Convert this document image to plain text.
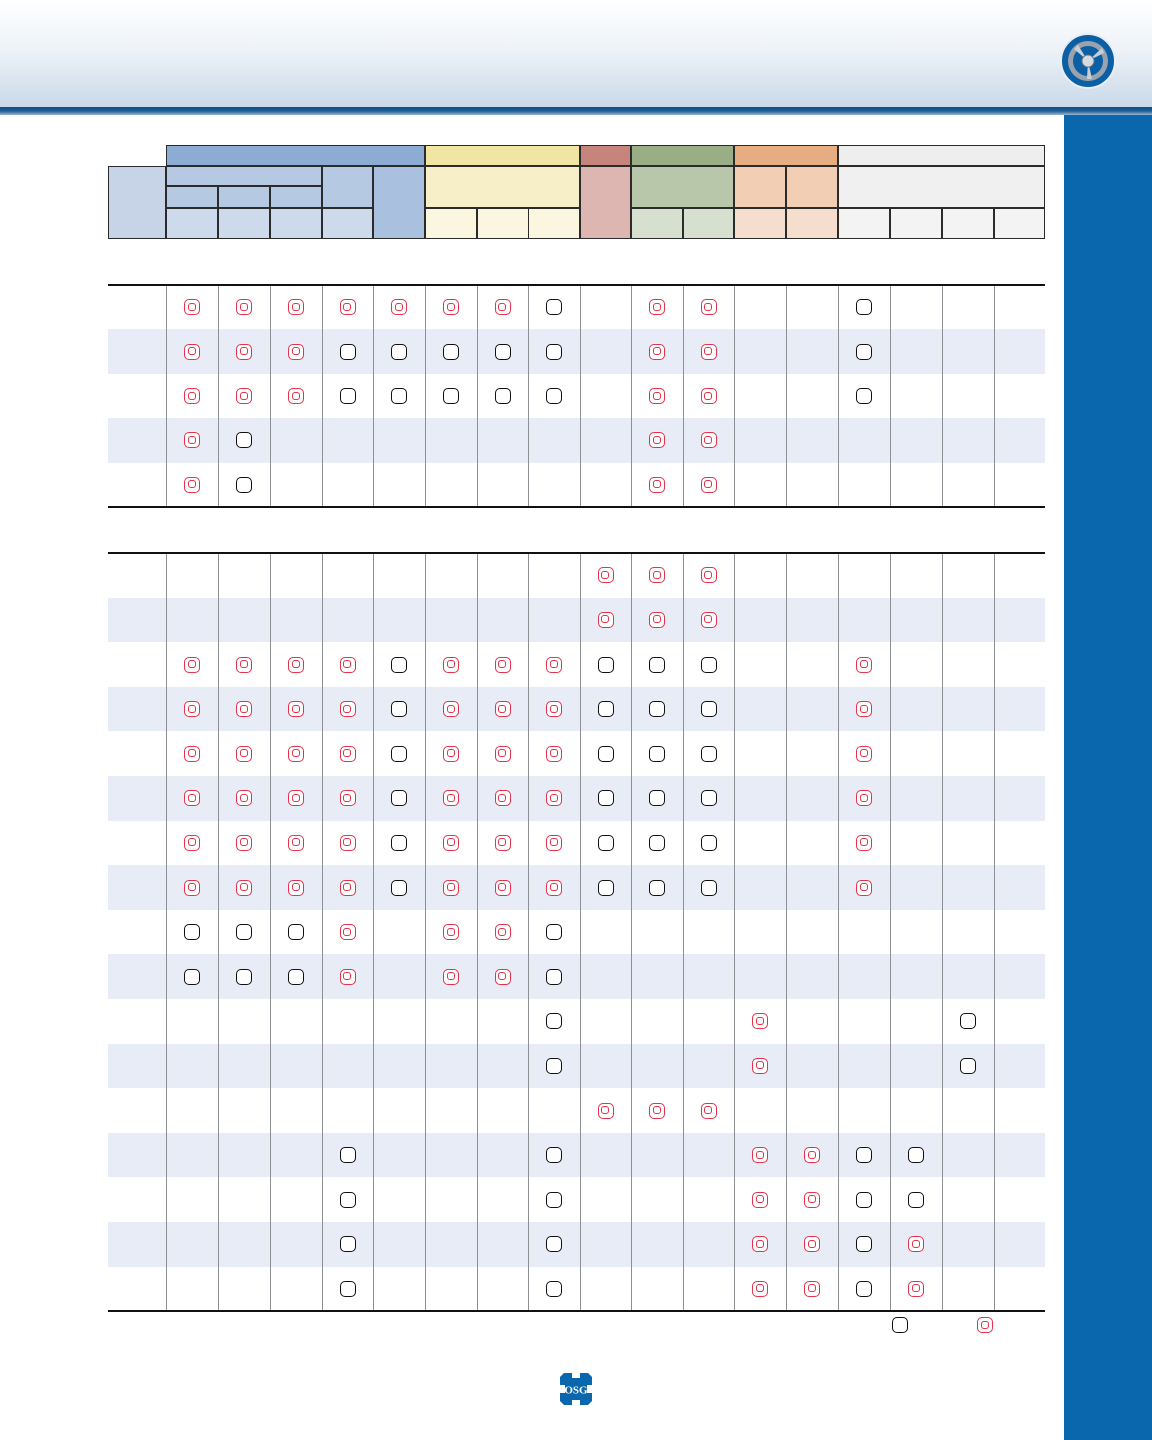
OSG
